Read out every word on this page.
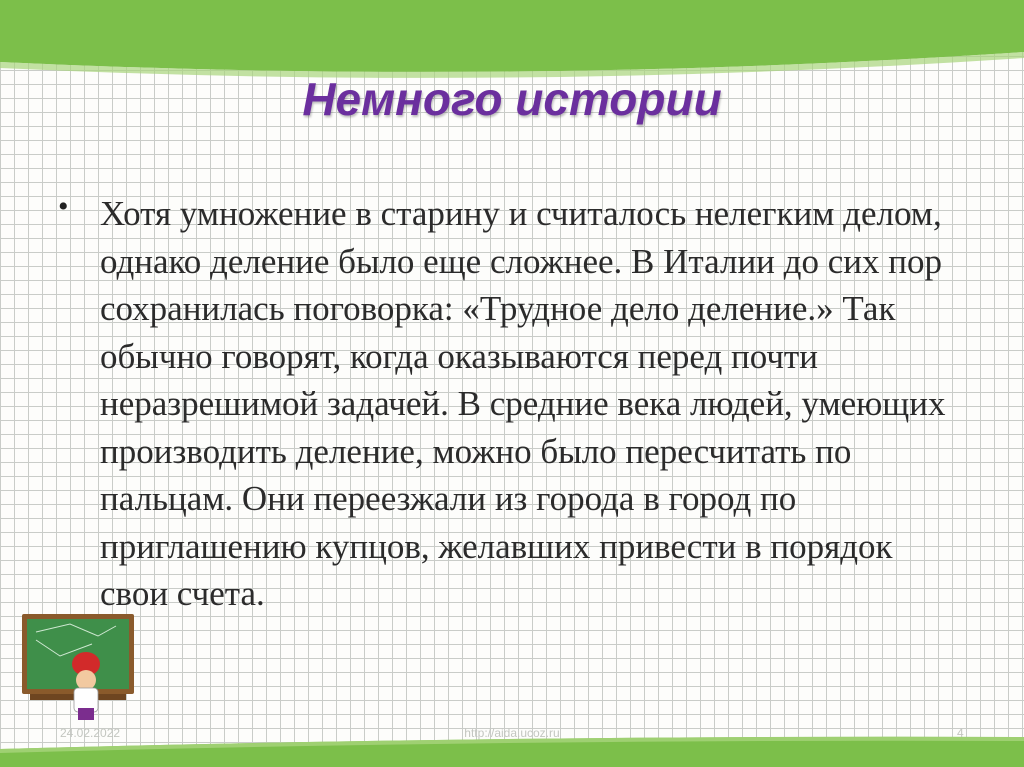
Немного истории
• Хотя умножение в старину и считалось нелегким делом, однако деление было еще сложнее. В Италии до сих пор сохранилась поговорка: «Трудное дело деление.» Так обычно говорят, когда оказываются перед почти неразрешимой задачей. В средние века людей, умеющих производить деление, можно было пересчитать по пальцам. Они переезжали из города в город по приглашению купцов, желавших привести в порядок свои счета.
24.02.2022	http://aida.ucoz.ru	4
